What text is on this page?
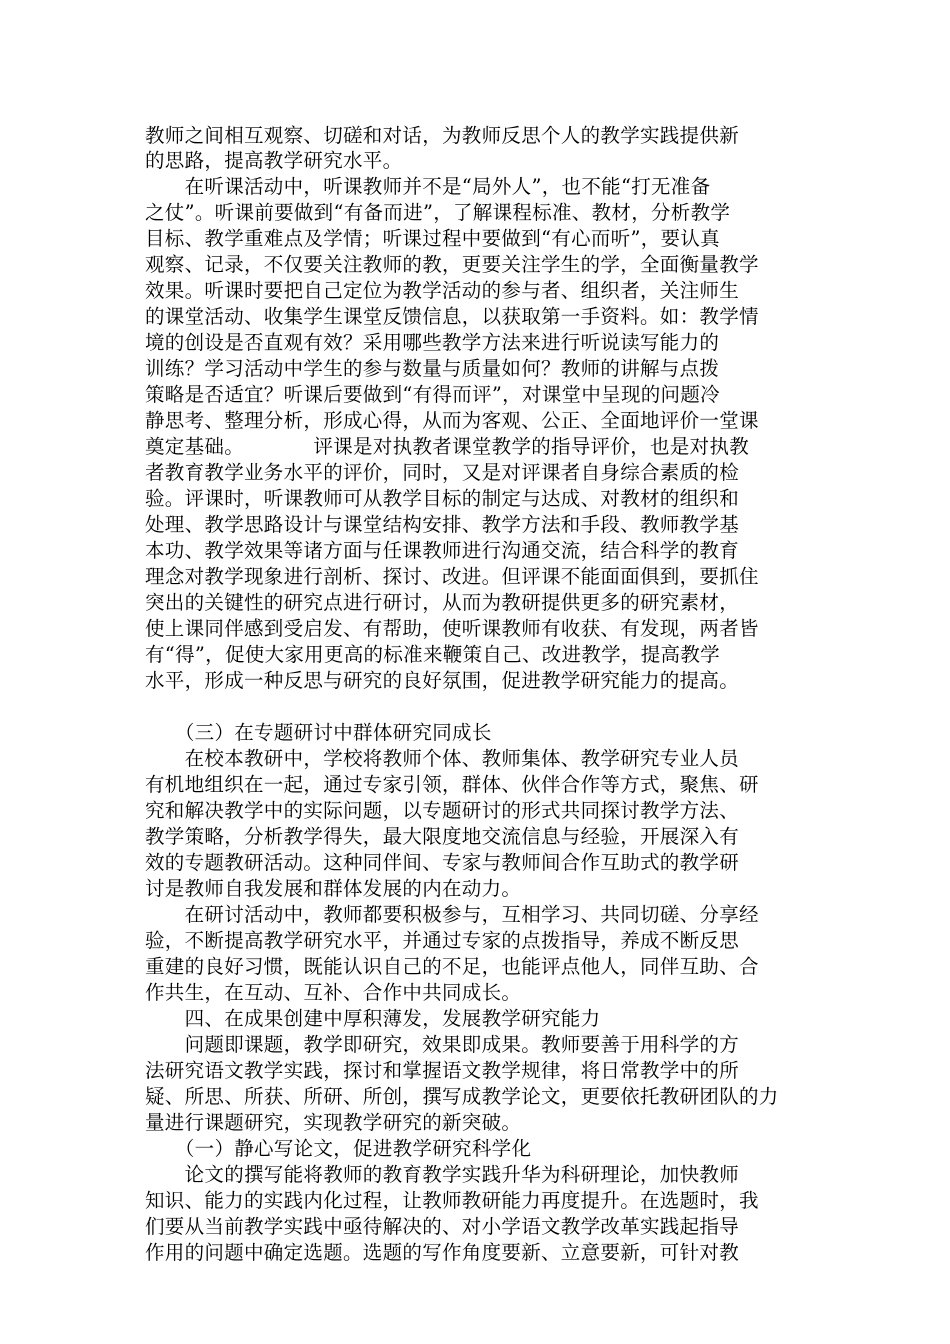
教师之间相互观察、切磋和对话，为教师反思个人的教学实践提供新
的思路，提高教学研究水平。
　　在听课活动中，听课教师并不是“局外人”，也不能“打无准备
之仗”。听课前要做到“有备而进”，了解课程标准、教材，分析教学
目标、教学重难点及学情；听课过程中要做到“有心而听”，要认真
观察、记录，不仅要关注教师的教，更要关注学生的学，全面衡量教学
效果。听课时要把自己定位为教学活动的参与者、组织者，关注师生
的课堂活动、收集学生课堂反馈信息，以获取第一手资料。如：教学情
境的创设是否直观有效？采用哪些教学方法来进行听说读写能力的
训练？学习活动中学生的参与数量与质量如何？教师的讲解与点拨
策略是否适宜？听课后要做到“有得而评”，对课堂中呈现的问题冷
静思考、整理分析，形成心得，从而为客观、公正、全面地评价一堂课
奠定基础。　　　　评课是对执教者课堂教学的指导评价，也是对执教
者教育教学业务水平的评价，同时，又是对评课者自身综合素质的检
验。评课时，听课教师可从教学目标的制定与达成、对教材的组织和
处理、教学思路设计与课堂结构安排、教学方法和手段、教师教学基
本功、教学效果等诸方面与任课教师进行沟通交流，结合科学的教育
理念对教学现象进行剖析、探讨、改进。但评课不能面面俱到，要抓住
突出的关键性的研究点进行研讨，从而为教研提供更多的研究素材，
使上课同伴感到受启发、有帮助，使听课教师有收获、有发现，两者皆
有“得”，促使大家用更高的标准来鞭策自己、改进教学，提高教学
水平，形成一种反思与研究的良好氛围，促进教学研究能力的提高。
　　（三）在专题研讨中群体研究同成长
　　在校本教研中，学校将教师个体、教师集体、教学研究专业人员
有机地组织在一起，通过专家引领，群体、伙伴合作等方式，聚焦、研
究和解决教学中的实际问题，以专题研讨的形式共同探讨教学方法、
教学策略，分析教学得失，最大限度地交流信息与经验，开展深入有
效的专题教研活动。这种同伴间、专家与教师间合作互助式的教学研
讨是教师自我发展和群体发展的内在动力。
　　在研讨活动中，教师都要积极参与，互相学习、共同切磋、分享经
验，不断提高教学研究水平，并通过专家的点拨指导，养成不断反思
重建的良好习惯，既能认识自己的不足，也能评点他人，同伴互助、合
作共生，在互动、互补、合作中共同成长。
　　四、在成果创建中厚积薄发，发展教学研究能力
　　问题即课题，教学即研究，效果即成果。教师要善于用科学的方
法研究语文教学实践，探讨和掌握语文教学规律，将日常教学中的所
疑、所思、所获、所研、所创，撰写成教学论文，更要依托教研团队的力
量进行课题研究，实现教学研究的新突破。
　　（一）静心写论文，促进教学研究科学化
　　论文的撰写能将教师的教育教学实践升华为科研理论，加快教师
知识、能力的实践内化过程，让教师教研能力再度提升。在选题时，我
们要从当前教学实践中亟待解决的、对小学语文教学改革实践起指导
作用的问题中确定选题。选题的写作角度要新、立意要新，可针对教
